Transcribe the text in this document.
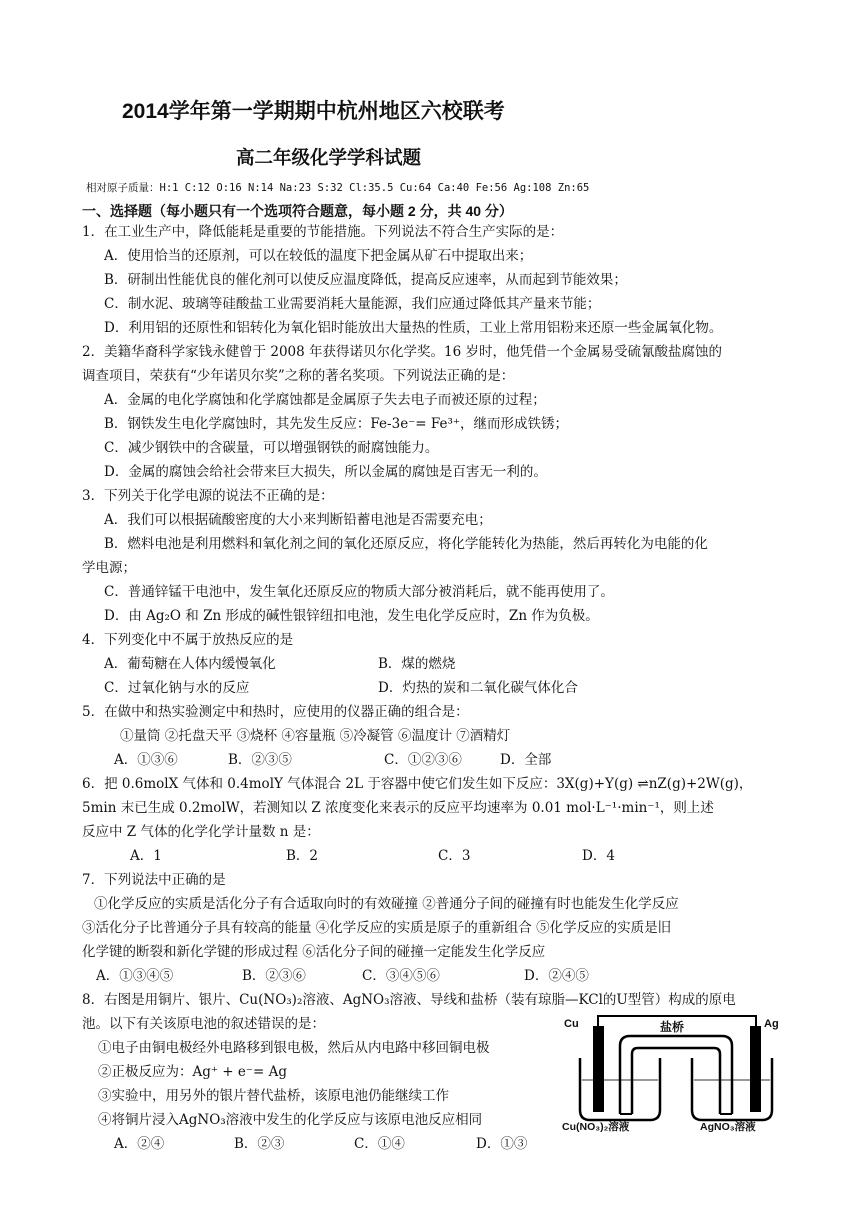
2014学年第一学期期中杭州地区六校联考
高二年级化学学科试题
相对原子质量：H:1 C:12 O:16 N:14 Na:23 S:32 Cl:35.5 Cu:64 Ca:40 Fe:56 Ag:108 Zn:65
一、选择题（每小题只有一个选项符合题意，每小题 2 分，共 40 分）
1．在工业生产中，降低能耗是重要的节能措施。下列说法不符合生产实际的是：
A．使用恰当的还原剂，可以在较低的温度下把金属从矿石中提取出来；
B．研制出性能优良的催化剂可以使反应温度降低，提高反应速率，从而起到节能效果；
C．制水泥、玻璃等硅酸盐工业需要消耗大量能源，我们应通过降低其产量来节能；
D．利用铝的还原性和铝转化为氧化铝时能放出大量热的性质，工业上常用铝粉来还原一些金属氧化物。
2．美籍华裔科学家钱永健曾于 2008 年获得诺贝尔化学奖。16 岁时，他凭借一个金属易受硫氰酸盐腐蚀的
调查项目，荣获有“少年诺贝尔奖”之称的著名奖项。下列说法正确的是：
A．金属的电化学腐蚀和化学腐蚀都是金属原子失去电子而被还原的过程；
B．钢铁发生电化学腐蚀时，其先发生反应：Fe-3e⁻= Fe³⁺，继而形成铁锈；
C．减少钢铁中的含碳量，可以增强钢铁的耐腐蚀能力。
D．金属的腐蚀会给社会带来巨大损失，所以金属的腐蚀是百害无一利的。
3．下列关于化学电源的说法不正确的是：
A．我们可以根据硫酸密度的大小来判断铅蓄电池是否需要充电；
B．燃料电池是利用燃料和氧化剂之间的氧化还原反应，将化学能转化为热能，然后再转化为电能的化
学电源；
C．普通锌锰干电池中，发生氧化还原反应的物质大部分被消耗后，就不能再使用了。
D．由 Ag₂O 和 Zn 形成的碱性银锌纽扣电池，发生电化学反应时，Zn 作为负极。
4．下列变化中不属于放热反应的是
A．葡萄糖在人体内缓慢氧化	B．煤的燃烧
C．过氧化钠与水的反应	D．灼热的炭和二氧化碳气体化合
5．在做中和热实验测定中和热时，应使用的仪器正确的组合是：
①量筒 ②托盘天平 ③烧杯 ④容量瓶 ⑤冷凝管 ⑥温度计 ⑦酒精灯
A．①③⑥	B．②③⑤	C．①②③⑥	D．全部
6．把 0.6molX 气体和 0.4molY 气体混合 2L 于容器中使它们发生如下反应：3X(g)+Y(g) ⇌nZ(g)+2W(g)，
5min 末已生成 0.2molW，若测知以 Z 浓度变化来表示的反应平均速率为 0.01 mol·L⁻¹·min⁻¹，则上述
反应中 Z 气体的化学化学计量数 n 是：
A．1	B．2	C．3	D．4
7．下列说法中正确的是
①化学反应的实质是活化分子有合适取向时的有效碰撞 ②普通分子间的碰撞有时也能发生化学反应
③活化分子比普通分子具有较高的能量 ④化学反应的实质是原子的重新组合 ⑤化学反应的实质是旧
化学键的断裂和新化学键的形成过程 ⑥活化分子间的碰撞一定能发生化学反应
A．①③④⑤	B．②③⑥	C．③④⑤⑥	D．②④⑤
8．右图是用铜片、银片、Cu(NO₃)₂溶液、AgNO₃溶液、导线和盐桥（装有琼脂—KCl的U型管）构成的原电
池。以下有关该原电池的叙述错误的是：
①电子由铜电极经外电路移到银电极，然后从内电路中移回铜电极
②正极反应为：Ag⁺ + e⁻= Ag
③实验中，用另外的银片替代盐桥，该原电池仍能继续工作
④将铜片浸入AgNO₃溶液中发生的化学反应与该原电池反应相同
A．②④	B．②③	C．①④	D．①③
Cu	Ag
盐桥
Cu(NO₃)₂溶液	AgNO₃溶液
